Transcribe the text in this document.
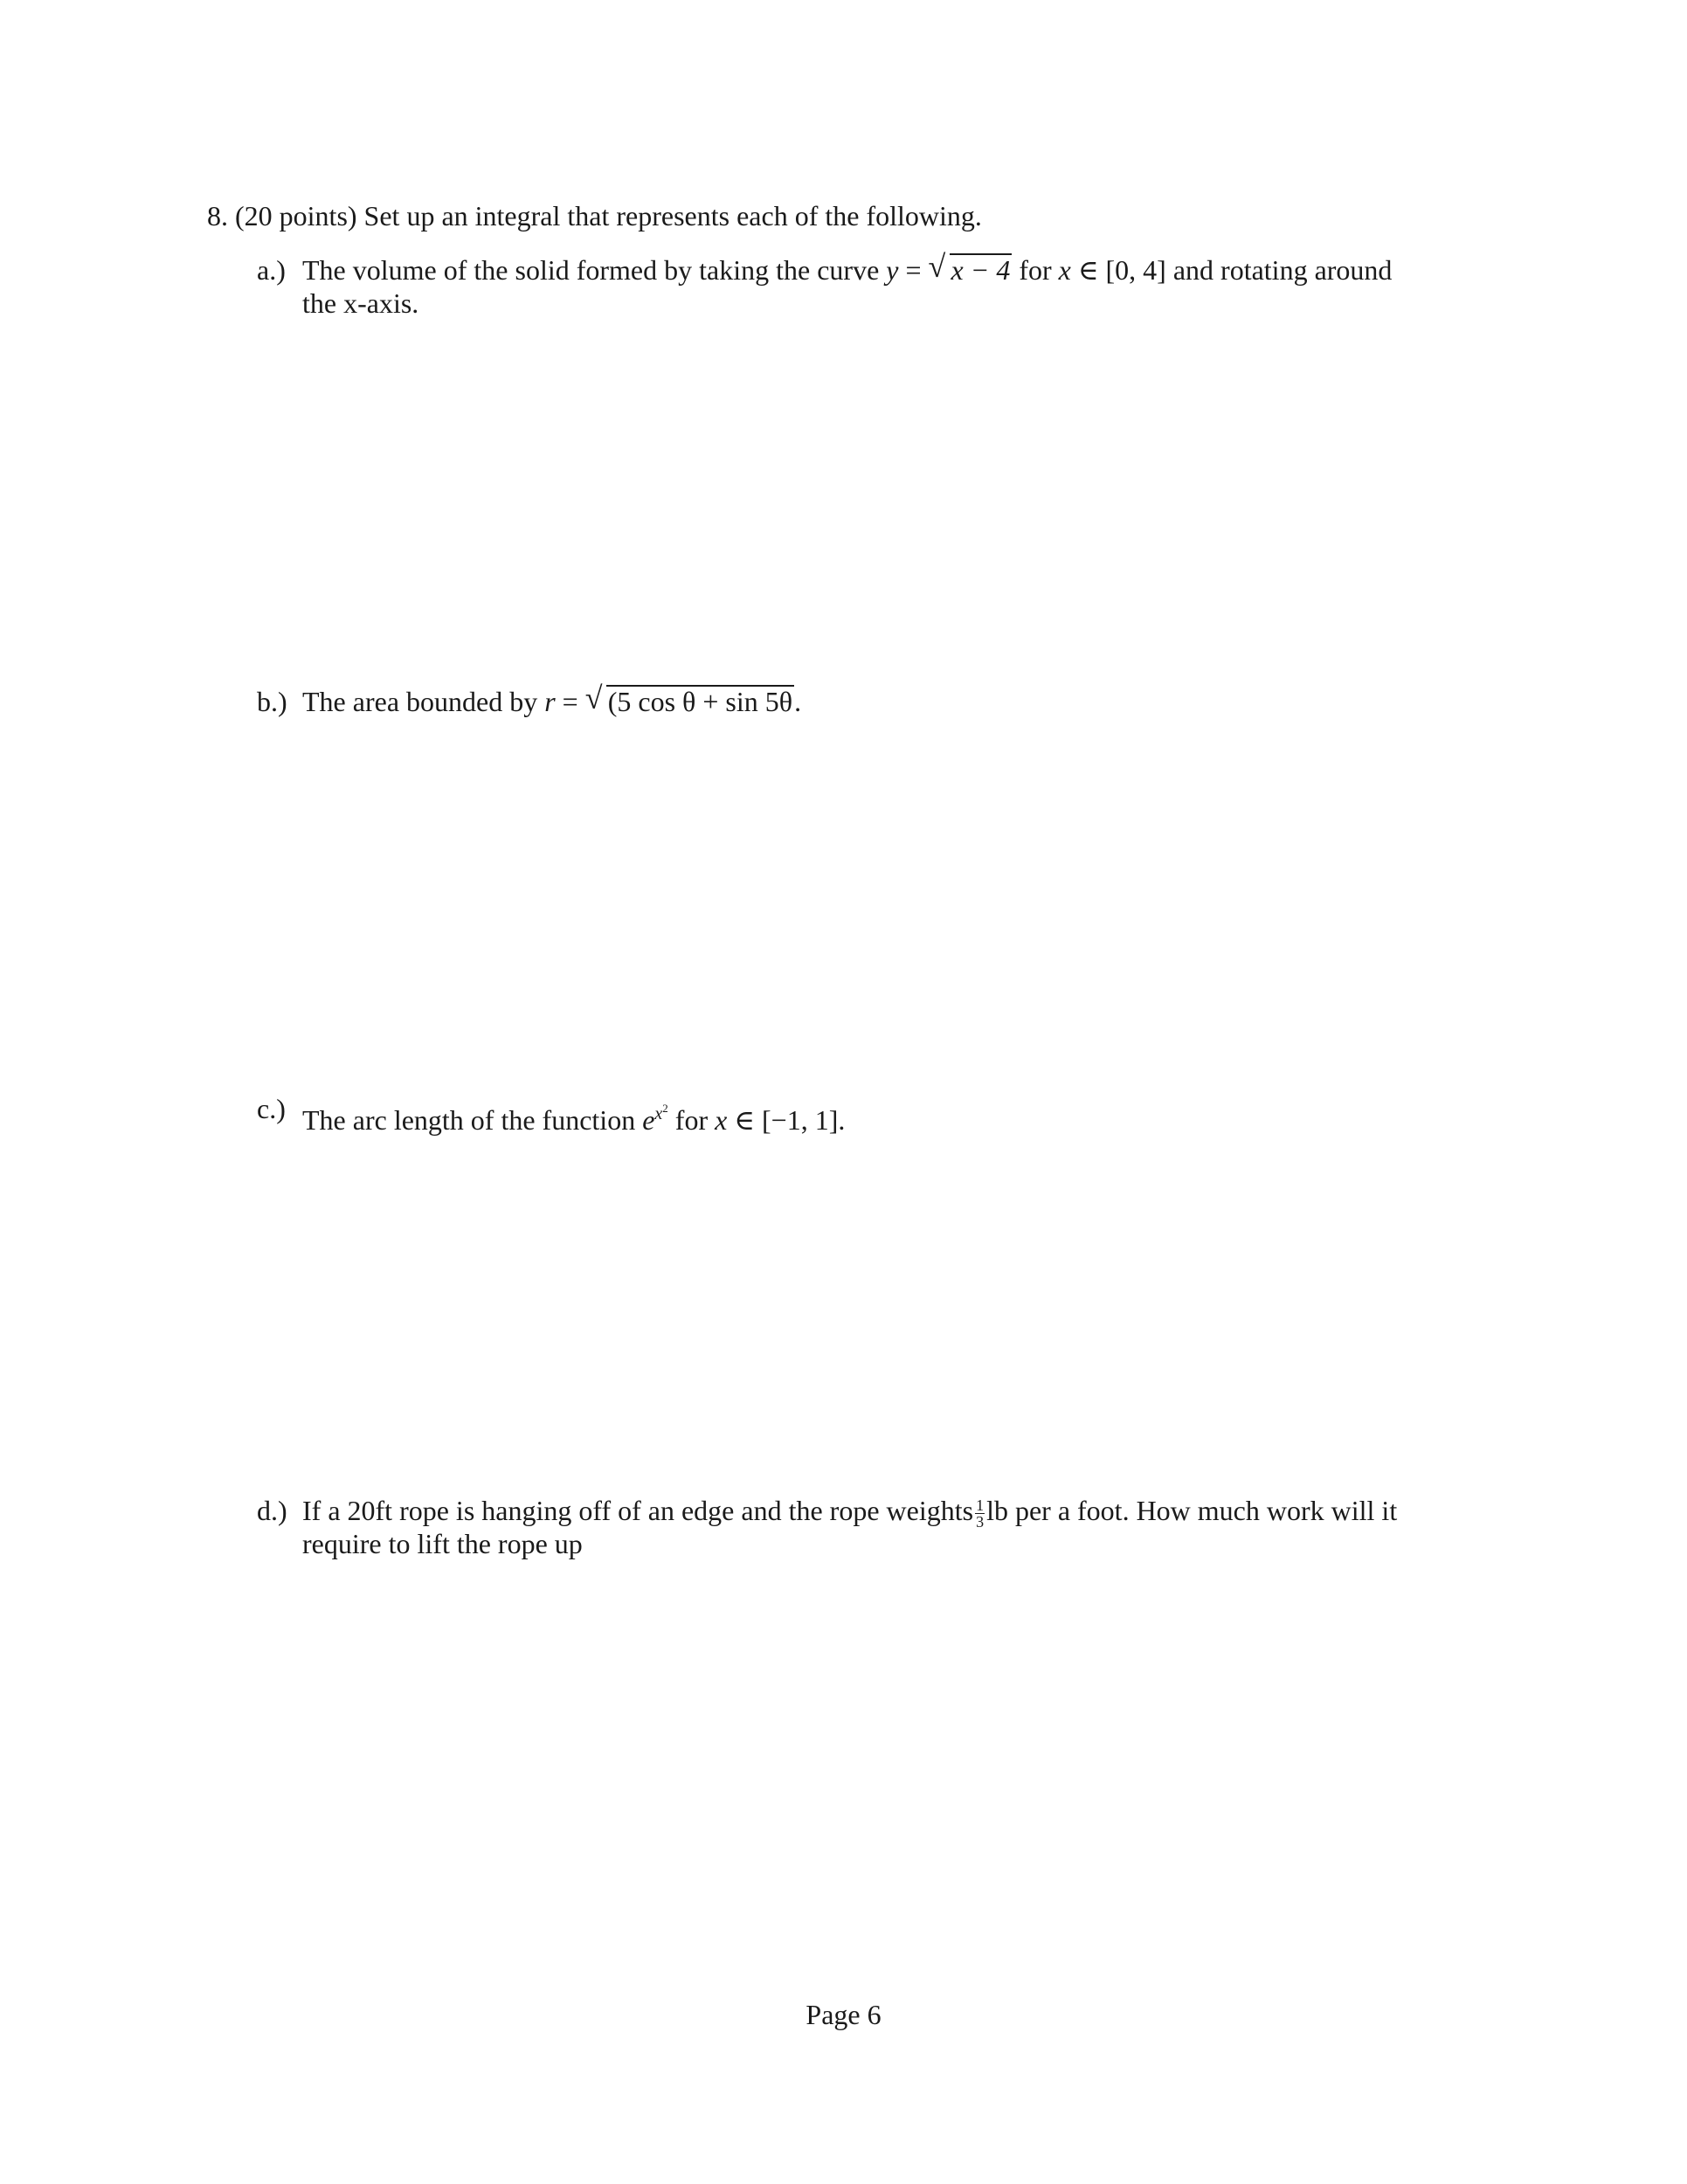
8. (20 points) Set up an integral that represents each of the following.
a.) The volume of the solid formed by taking the curve y = √ x − 4 for x ∈ [0, 4] and rotating around
the x-axis.
b.) The area bounded by r = √ (5 cos θ + sin 5θ.
c.) The arc length of the function $e^{x^2}$ for x ∈ [−1, 1].
d.) If a 20ft rope is hanging off of an edge and the rope weights $\frac{1}{3}$ lb per a foot. How much work will it
require to lift the rope up
Page 6
